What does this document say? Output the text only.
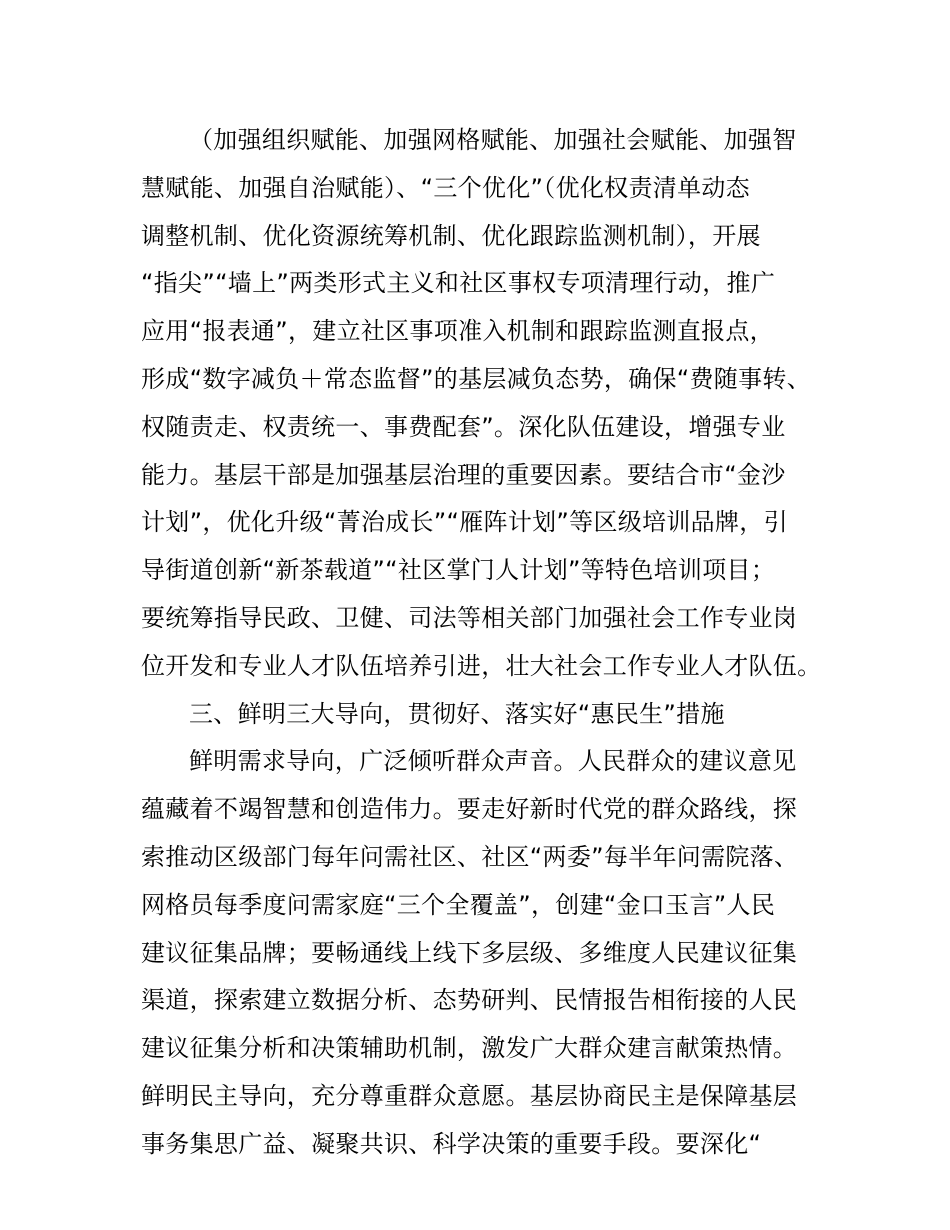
（加强组织赋能、加强网格赋能、加强社会赋能、加强智
慧赋能、加强自治赋能）、“三个优化”（优化权责清单动态
调整机制、优化资源统筹机制、优化跟踪监测机制），开展
“指尖”“墙上”两类形式主义和社区事权专项清理行动，推广
应用“报表通”，建立社区事项准入机制和跟踪监测直报点，
形成“数字减负＋常态监督”的基层减负态势，确保“费随事转、
权随责走、权责统一、事费配套”。深化队伍建设，增强专业
能力。基层干部是加强基层治理的重要因素。要结合市“金沙
计划”，优化升级“菁治成长”“雁阵计划”等区级培训品牌，引
导街道创新“新茶载道”“社区掌门人计划”等特色培训项目；
要统筹指导民政、卫健、司法等相关部门加强社会工作专业岗
位开发和专业人才队伍培养引进，壮大社会工作专业人才队伍。
三、鲜明三大导向，贯彻好、落实好“惠民生”措施
鲜明需求导向，广泛倾听群众声音。人民群众的建议意见
蕴藏着不竭智慧和创造伟力。要走好新时代党的群众路线，探
索推动区级部门每年问需社区、社区“两委”每半年问需院落、
网格员每季度问需家庭“三个全覆盖”，创建“金口玉言”人民
建议征集品牌；要畅通线上线下多层级、多维度人民建议征集
渠道，探索建立数据分析、态势研判、民情报告相衔接的人民
建议征集分析和决策辅助机制，激发广大群众建言献策热情。
鲜明民主导向，充分尊重群众意愿。基层协商民主是保障基层
事务集思广益、凝聚共识、科学决策的重要手段。要深化“
